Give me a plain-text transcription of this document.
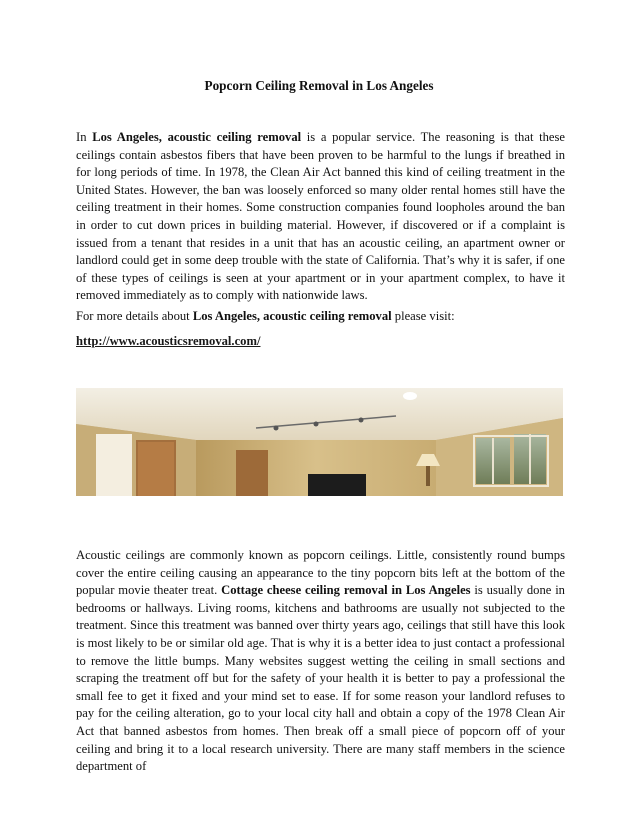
Popcorn Ceiling Removal in Los Angeles

In Los Angeles, acoustic ceiling removal is a popular service. The reasoning is that these ceilings contain asbestos fibers that have been proven to be harmful to the lungs if breathed in for long periods of time. In 1978, the Clean Air Act banned this kind of ceiling treatment in the United States. However, the ban was loosely enforced so many older rental homes still have the ceiling treatment in their homes. Some construction companies found loopholes around the ban in order to cut down prices in building material. However, if discovered or if a complaint is issued from a tenant that resides in a unit that has an acoustic ceiling, an apartment owner or landlord could get in some deep trouble with the state of California. That’s why it is safer, if one of these types of ceilings is seen at your apartment or in your apartment complex, to have it removed immediately as to comply with nationwide laws.

For more details about Los Angeles, acoustic ceiling removal please visit:

http://www.acousticsremoval.com/

Acoustic ceilings are commonly known as popcorn ceilings. Little, consistently round bumps cover the entire ceiling causing an appearance to the tiny popcorn bits left at the bottom of the popular movie theater treat. Cottage cheese ceiling removal in Los Angeles is usually done in bedrooms or hallways. Living rooms, kitchens and bathrooms are usually not subjected to the treatment. Since this treatment was banned over thirty years ago, ceilings that still have this look is most likely to be or similar old age. That is why it is a better idea to just contact a professional to remove the little bumps. Many websites suggest wetting the ceiling in small sections and scraping the treatment off but for the safety of your health it is better to pay a professional the small fee to get it fixed and your mind set to ease. If for some reason your landlord refuses to pay for the ceiling alteration, go to your local city hall and obtain a copy of the 1978 Clean Air Act that banned asbestos from homes. Then break off a small piece of popcorn off of your ceiling and bring it to a local research university. There are many staff members in the science department of
